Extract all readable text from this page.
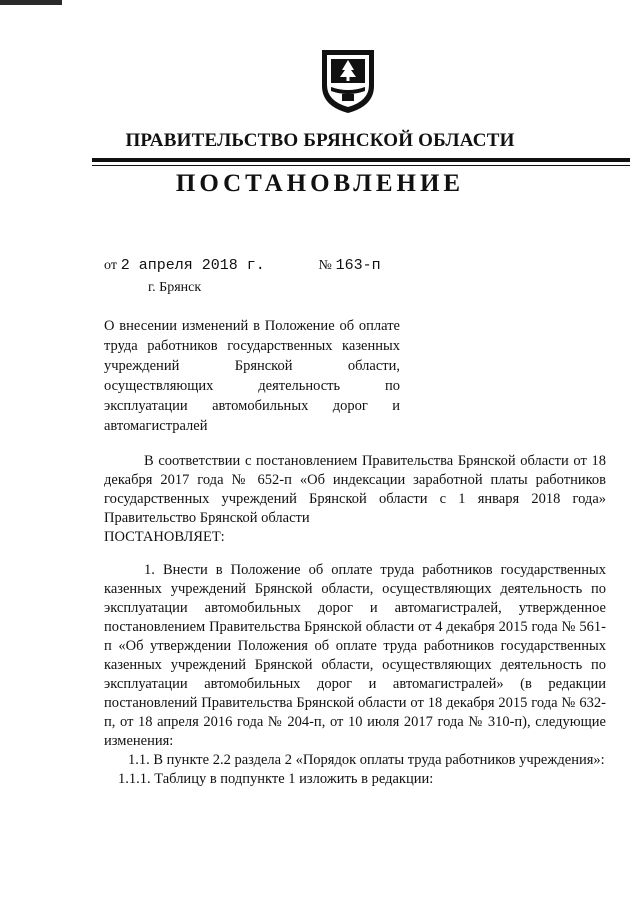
ПРАВИТЕЛЬСТВО БРЯНСКОЙ ОБЛАСТИ
ПОСТАНОВЛЕНИЕ
от 2 апреля 2018 г.	№ 163-п
г. Брянск
О внесении изменений в Положение об оплате труда работников государственных казенных учреждений Брянской области, осуществляющих деятельность по эксплуатации автомобильных дорог и автомагистралей

В соответствии с постановлением Правительства Брянской области от 18 декабря 2017 года № 652-п «Об индексации заработной платы работников государственных учреждений Брянской области с 1 января 2018 года» Правительство Брянской области

ПОСТАНОВЛЯЕТ:

1. Внести в Положение об оплате труда работников государственных казенных учреждений Брянской области, осуществляющих деятельность по эксплуатации автомобильных дорог и автомагистралей, утвержденное постановлением Правительства Брянской области от 4 декабря 2015 года № 561-п «Об утверждении Положения об оплате труда работников государственных казенных учреждений Брянской области, осуществляющих деятельность по эксплуатации автомобильных дорог и автомагистралей» (в редакции постановлений Правительства Брянской области от 18 декабря 2015 года № 632-п, от 18 апреля 2016 года № 204-п, от 10 июля 2017 года № 310-п), следующие изменения:

1.1. В пункте 2.2 раздела 2 «Порядок оплаты труда работников учреждения»:

1.1.1. Таблицу в подпункте 1 изложить в редакции:
